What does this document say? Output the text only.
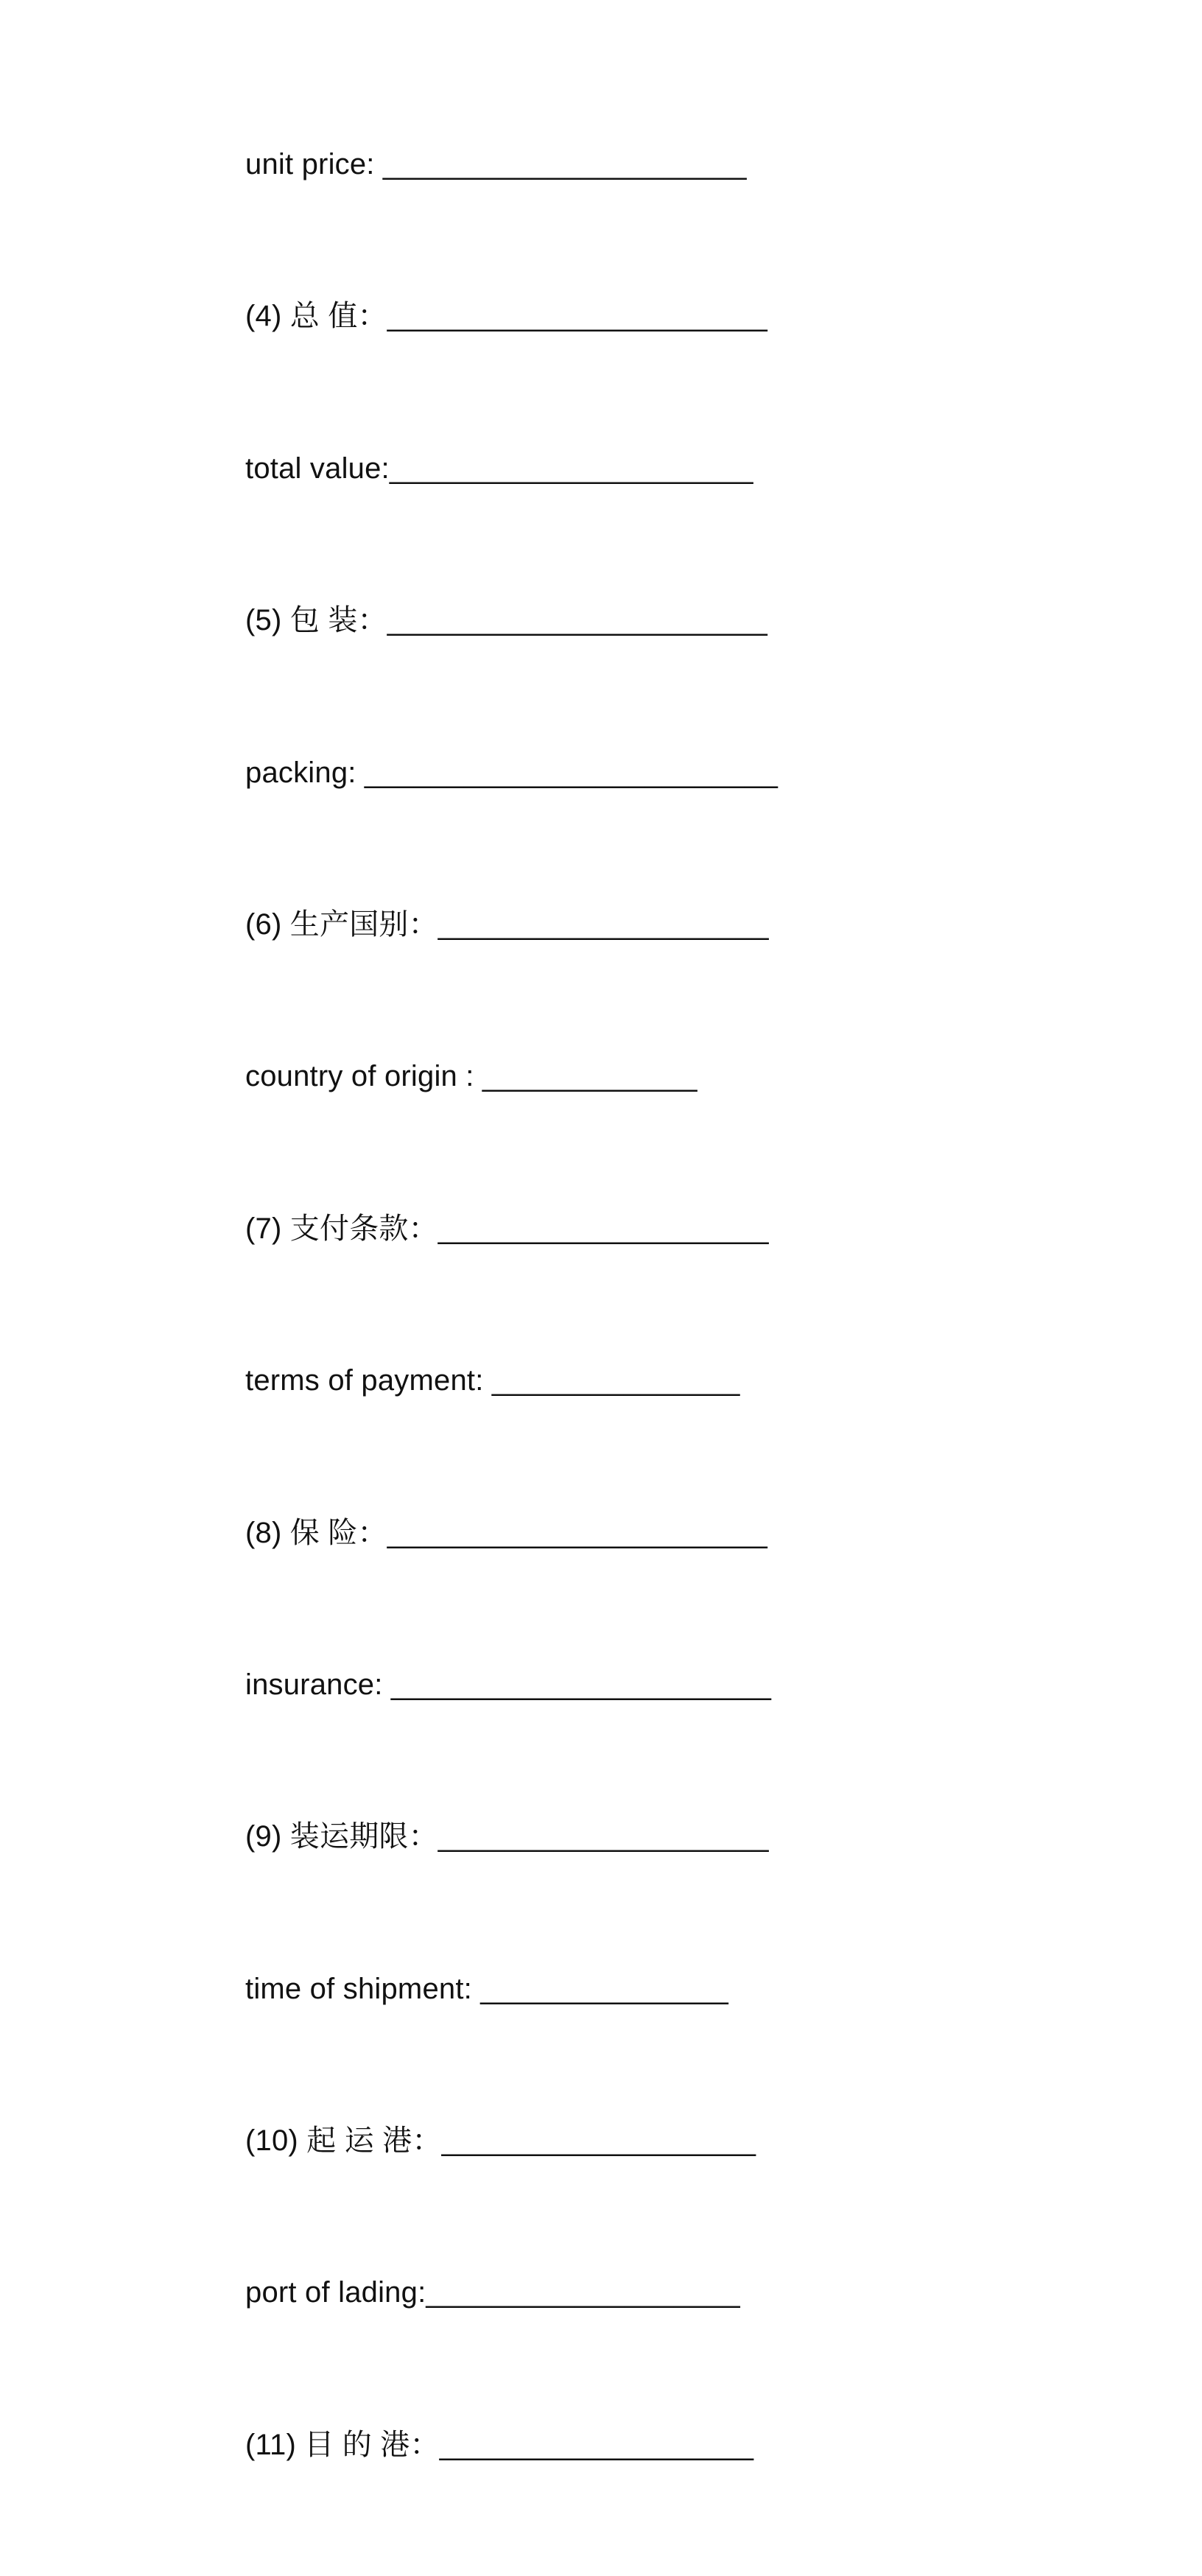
unit price: ______________________
(4) 总 值：_______________________
total value:______________________
(5) 包 装：_______________________
packing: _________________________
(6) 生产国别：____________________
country of origin : _____________
(7) 支付条款：____________________
terms of payment: _______________
(8) 保 险：_______________________
insurance: _______________________
(9) 装运期限：____________________
time of shipment: _______________
(10) 起 运 港：___________________
port of lading:___________________
(11) 目 的 港：___________________
